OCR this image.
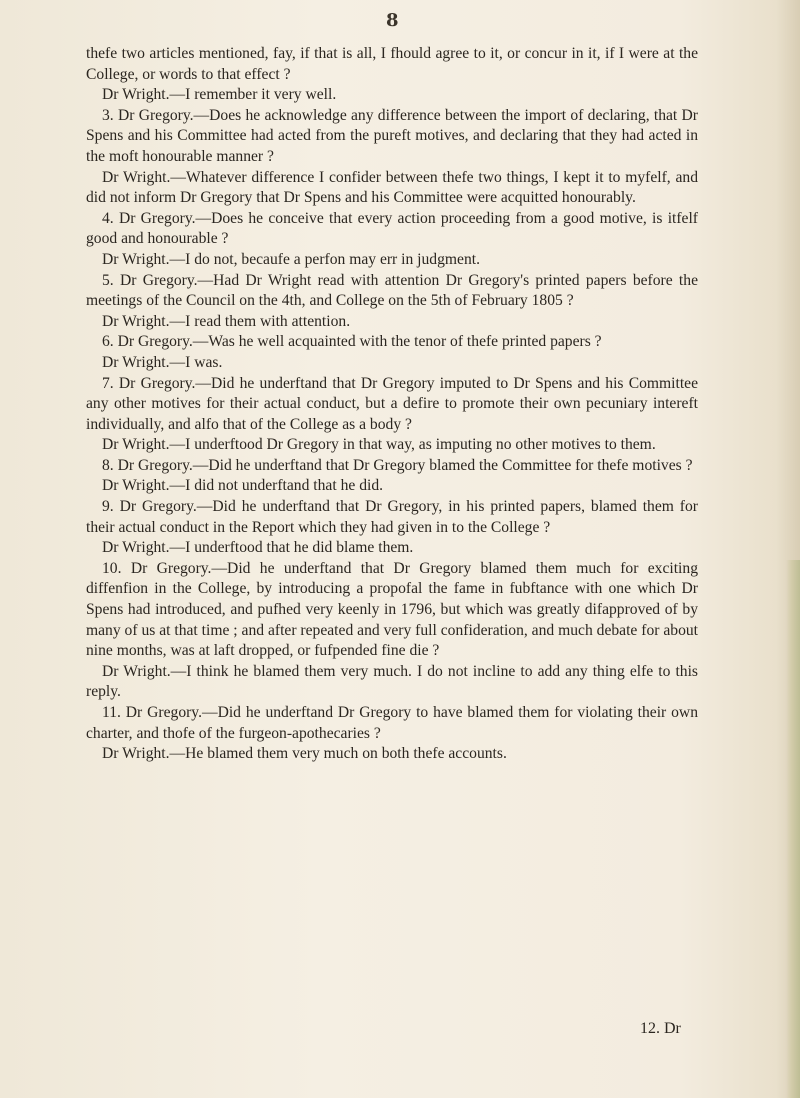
8

thefe two articles mentioned, fay, if that is all, I fhould agree to it, or concur in it, if I were at the College, or words to that effect ?

Dr Wright.—I remember it very well.

3. Dr Gregory.—Does he acknowledge any difference between the import of declaring, that Dr Spens and his Committee had acted from the pureft motives, and declaring that they had acted in the moft honourable manner ?

Dr Wright.—Whatever difference I confider between thefe two things, I kept it to myfelf, and did not inform Dr Gregory that Dr Spens and his Committee were acquitted honourably.

4. Dr Gregory.—Does he conceive that every action proceeding from a good motive, is itfelf good and honourable ?

Dr Wright.—I do not, becaufe a perfon may err in judgment.

5. Dr Gregory.—Had Dr Wright read with attention Dr Gregory's printed papers before the meetings of the Council on the 4th, and College on the 5th of February 1805 ?

Dr Wright.—I read them with attention.

6. Dr Gregory.—Was he well acquainted with the tenor of thefe printed papers ?

Dr Wright.—I was.

7. Dr Gregory.—Did he underftand that Dr Gregory imputed to Dr Spens and his Committee any other motives for their actual conduct, but a defire to promote their own pecuniary intereft individually, and alfo that of the College as a body ?

Dr Wright.—I underftood Dr Gregory in that way, as imputing no other motives to them.

8. Dr Gregory.—Did he underftand that Dr Gregory blamed the Committee for thefe motives ?

Dr Wright.—I did not underftand that he did.

9. Dr Gregory.—Did he underftand that Dr Gregory, in his printed papers, blamed them for their actual conduct in the Report which they had given in to the College ?

Dr Wright.—I underftood that he did blame them.

10. Dr Gregory.—Did he underftand that Dr Gregory blamed them much for exciting diffenfion in the College, by introducing a propofal the fame in fubftance with one which Dr Spens had introduced, and pufhed very keenly in 1796, but which was greatly difapproved of by many of us at that time ; and after repeated and very full confideration, and much debate for about nine months, was at laft dropped, or fufpended fine die ?

Dr Wright.—I think he blamed them very much. I do not incline to add any thing elfe to this reply.

11. Dr Gregory.—Did he underftand Dr Gregory to have blamed them for violating their own charter, and thofe of the furgeon-apothecaries ?

Dr Wright.—He blamed them very much on both thefe accounts.

12. Dr
